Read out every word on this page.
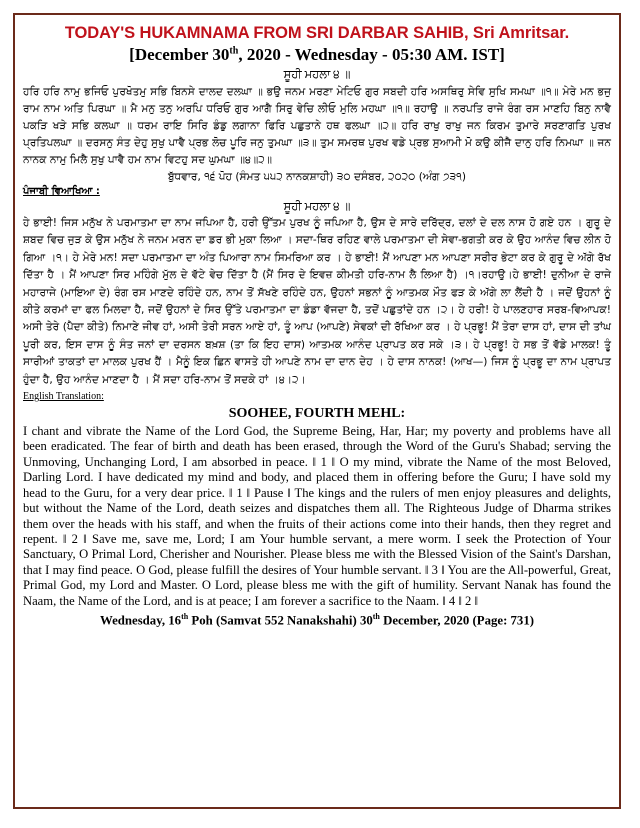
TODAY'S HUKAMNAMA FROM SRI DARBAR SAHIB, Sri Amritsar.
[December 30th, 2020 - Wednesday - 05:30 AM. IST]
ਸੂਹੀ ਮਹਲਾ ੪ ॥
ਹਰਿ ਹਰਿ ਨਾਮੁ ਭਜਿਓ ਪੁਰਖੋਤਮੁ ਸਭਿ ਬਿਨਸੇ ਦਾਲਦ ਦਲਘਾ ॥ ਭਉ ਜਨਮ ਮਰਣਾ ਮੇਟਿਓ ਗੁਰ ਸਬਦੀ ਹਰਿ ਅਸਥਿਰੁ ਸੇਵਿ ਸੁਖਿ ਸਮਘਾ ॥੧॥ ਮੇਰੇ ਮਨ ਭਜੁ ਰਾਮ ਨਾਮ ਅਤਿ ਪਿਰਘਾ ॥ ਮੈ ਮਨੁ ਤਨੁ ਅਰਪਿ ਧਰਿਓ ਗੁਰ ਆਗੈ ਸਿਰੁ ਵੇਚਿ ਲੀਓ ਮੁਲਿ ਮਹਘਾ ॥੧॥ ਰਹਾਉ ॥ ਨਰਪਤਿ ਰਾਜੇ ਰੰਗ ਰਸ ਮਾਣਹਿ ਬਿਨੁ ਨਾਵੈ ਪਕੜਿ ਖੜੇ ਸਭਿ ਕਲਘਾ ॥ ਧਰਮ ਰਾਇ ਸਿਰਿ ਡੰਡੁ ਲਗਾਨਾ ਫਿਰਿ ਪਛੁਤਾਨੇ ਹਥ ਫਲਘਾ ॥੨॥ ਹਰਿ ਰਾਖੁ ਰਾਖੁ ਜਨ ਕਿਰਮ ਤੁਮਾਰੇ ਸਰਣਾਗਤਿ ਪੁਰਖ ਪ੍ਰਤਿਪਲਘਾ ॥ ਦਰਸਨੁ ਸੰਤ ਦੇਹੁ ਸੁਖੁ ਪਾਵੈ ਪ੍ਰਭ ਲੋਚ ਪੂਰਿ ਜਨੁ ਤੁਮਘਾ ॥੩॥ ਤੁਮ ਸਮਰਥ ਪੁਰਖ ਵਡੇ ਪ੍ਰਭ ਸੁਆਮੀ ਮੋ ਕਉ ਕੀਜੈ ਦਾਨੁ ਹਰਿ ਨਿਮਘਾ ॥ ਜਨ ਨਾਨਕ ਨਾਮੁ ਮਿਲੈ ਸੁਖੁ ਪਾਵੈ ਹਮ ਨਾਮ ਵਿਟਹੁ ਸਦ ਘੁਮਘਾ ॥੪॥੨॥
ਬੁੱਧਵਾਰ, ੧੬ ਪੋਹ (ਸੰਮਤ ੫੫੨ ਨਾਨਕਸ਼ਾਹੀ) ੩੦ ਦਸੰਬਰ, ੨੦੨੦ (ਅੰਗ ੭੩੧)
ਪੰਜਾਬੀ ਵਿਆਖਿਆ :
ਸੂਹੀ ਮਹਲਾ ੪ ॥
ਹੇ ਭਾਈ! ਜਿਸ ਮਨੁੱਖ ਨੇ ਪਰਮਾਤਮਾ ਦਾ ਨਾਮ ਜਪਿਆ ਹੈ, ਹਰੀ ਉੱਤਮ ਪੁਰਖ ਨੂੰ ਜਪਿਆ ਹੈ, ਉਸ ਦੇ ਸਾਰੇ ਦਰਿੱਦ੍ਰ, ਦਲਾਂ ਦੇ ਦਲ ਨਾਸ ਹੋ ਗਏ ਹਨ । ਗੁਰੂ ਦੇ ਸ਼ਬਦ ਵਿਚ ਜੁੜ ਕੇ ਉਸ ਮਨੁੱਖ ਨੇ ਜਨਮ ਮਰਨ ਦਾ ਡਰ ਭੀ ਮੁਕਾ ਲਿਆ । ਸਦਾ-ਥਿਰ ਰਹਿਣ ਵਾਲੇ ਪਰਮਾਤਮਾ ਦੀ ਸੇਵਾ-ਭਗਤੀ ਕਰ ਕੇ ਉਹ ਆਨੰਦ ਵਿਚ ਲੀਨ ਹੋ ਗਿਆ ।੧। ਹੇ ਮੇਰੇ ਮਨ! ਸਦਾ ਪਰਮਾਤਮਾ ਦਾ ਅੰਤ ਪਿਆਰਾ ਨਾਮ ਸਿਮਰਿਆ ਕਰ । ਹੇ ਭਾਈ! ਮੈਂ ਆਪਣਾ ਮਨ ਆਪਣਾ ਸਰੀਰ ਭੇਟਾ ਕਰ ਕੇ ਗੁਰੂ ਦੇ ਅੱਗੇ ਰੱਖ ਦਿੱਤਾ ਹੈ । ਮੈਂ ਆਪਣਾ ਸਿਰ ਮਹਿੰਗੇ ਮੁੱਲ ਦੇ ਵੱਟੇ ਵੇਚ ਦਿੱਤਾ ਹੈ (ਮੈਂ ਸਿਰ ਦੇ ਇਵਜ਼ ਕੀਮਤੀ ਹਰਿ-ਨਾਮ ਲੈ ਲਿਆ ਹੈ) ।੧।ਰਹਾਉ।ਹੇ ਭਾਈ! ਦੁਨੀਆ ਦੇ ਰਾਜੇ ਮਹਾਰਾਜੇ (ਮਾਇਆ ਦੇ) ਰੰਗ ਰਸ ਮਾਣਦੇ ਰਹਿੰਦੇ ਹਨ, ਨਾਮ ਤੋਂ ਸੱਖਣੇ ਰਹਿੰਦੇ ਹਨ, ਉਹਨਾਂ ਸਭਨਾਂ ਨੂੰ ਆਤਮਕ ਮੌਤ ਫੜ ਕੇ ਅੱਗੇ ਲਾ ਲੈਂਦੀ ਹੈ । ਜਦੋਂ ਉਹਨਾਂ ਨੂੰ ਕੀਤੇ ਕਰਮਾਂ ਦਾ ਫਲ ਮਿਲਦਾ ਹੈ, ਜਦੋਂ ਉਹਨਾਂ ਦੇ ਸਿਰ ਉੱਤੇ ਪਰਮਾਤਮਾ ਦਾ ਡੰਡਾ ਵੱਜਦਾ ਹੈ, ਤਦੋਂ ਪਛੁਤਾਂਦੇ ਹਨ ।੨। ਹੇ ਹਰੀ! ਹੇ ਪਾਲਣਹਾਰ ਸਰਬ-ਵਿਆਪਕ! ਅਸੀ ਤੇਰੇ (ਪੈਦਾ ਕੀਤੇ) ਨਿਮਾਣੇ ਜੀਵ ਹਾਂ, ਅਸੀ ਤੇਰੀ ਸਰਨ ਆਏ ਹਾਂ, ਤੂੰ ਆਪ (ਆਪਣੇ) ਸੇਵਕਾਂ ਦੀ ਰੱਖਿਆ ਕਰ । ਹੇ ਪ੍ਰਭੂ! ਮੈਂ ਤੇਰਾ ਦਾਸ ਹਾਂ, ਦਾਸ ਦੀ ਤਾਂਘ ਪੂਰੀ ਕਰ, ਇਸ ਦਾਸ ਨੂੰ ਸੰਤ ਜਨਾਂ ਦਾ ਦਰਸਨ ਬਖ਼ਸ਼ (ਤਾ ਕਿ ਇਹ ਦਾਸ) ਆਤਮਕ ਆਨੰਦ ਪ੍ਰਾਪਤ ਕਰ ਸਕੇ ।੩। ਹੇ ਪ੍ਰਭੂ! ਹੇ ਸਭ ਤੋਂ ਵੱਡੇ ਮਾਲਕ! ਤੂੰ ਸਾਰੀਆਂ ਤਾਕਤਾਂ ਦਾ ਮਾਲਕ ਪੁਰਖ ਹੈਂ । ਮੈਨੂੰ ਇਕ ਛਿਨ ਵਾਸਤੇ ਹੀ ਆਪਣੇ ਨਾਮ ਦਾ ਦਾਨ ਦੇਹ । ਹੇ ਦਾਸ ਨਾਨਕ! (ਆਖ—) ਜਿਸ ਨੂੰ ਪ੍ਰਭੂ ਦਾ ਨਾਮ ਪ੍ਰਾਪਤ ਹੁੰਦਾ ਹੈ, ਉਹ ਆਨੰਦ ਮਾਣਦਾ ਹੈ । ਮੈਂ ਸਦਾ ਹਰਿ-ਨਾਮ ਤੋਂ ਸਦਕੇ ਹਾਂ ।੪।੨।
English Translation:
SOOHEE, FOURTH MEHL:
I chant and vibrate the Name of the Lord God, the Supreme Being, Har, Har; my poverty and problems have all been eradicated. The fear of birth and death has been erased, through the Word of the Guru's Shabad; serving the Unmoving, Unchanging Lord, I am absorbed in peace. ‖ 1 ‖ O my mind, vibrate the Name of the most Beloved, Darling Lord. I have dedicated my mind and body, and placed them in offering before the Guru; I have sold my head to the Guru, for a very dear price. ‖ 1 ‖ Pause ‖ The kings and the rulers of men enjoy pleasures and delights, but without the Name of the Lord, death seizes and dispatches them all. The Righteous Judge of Dharma strikes them over the heads with his staff, and when the fruits of their actions come into their hands, then they regret and repent. ‖ 2 ‖ Save me, save me, Lord; I am Your humble servant, a mere worm. I seek the Protection of Your Sanctuary, O Primal Lord, Cherisher and Nourisher. Please bless me with the Blessed Vision of the Saint's Darshan, that I may find peace. O God, please fulfill the desires of Your humble servant. ‖ 3 ‖ You are the All-powerful, Great, Primal God, my Lord and Master. O Lord, please bless me with the gift of humility. Servant Nanak has found the Naam, the Name of the Lord, and is at peace; I am forever a sacrifice to the Naam. ‖ 4 ‖ 2 ‖
Wednesday, 16th Poh (Samvat 552 Nanakshahi) 30th December, 2020 (Page: 731)
